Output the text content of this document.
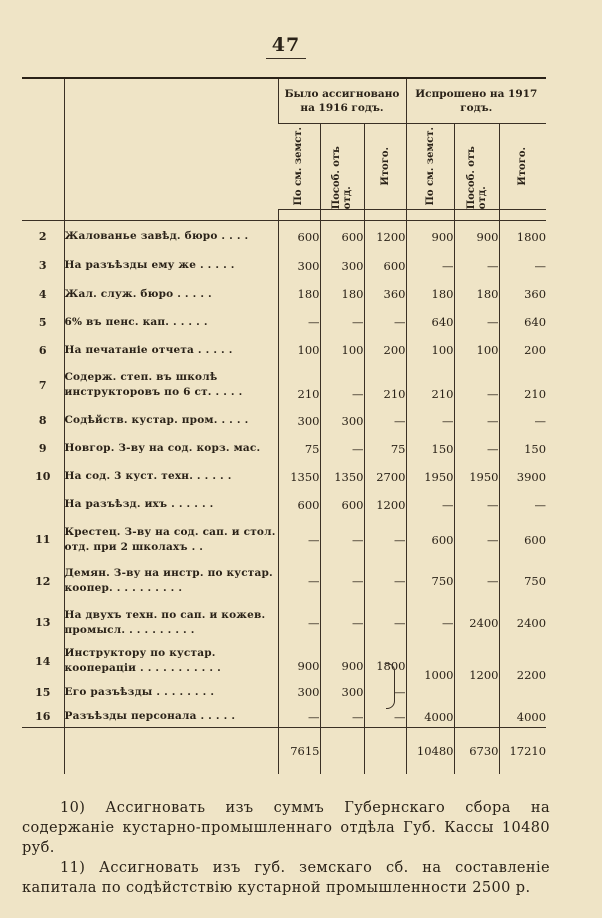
47
		Было ассигновано на 1916 годъ.			Испрошено на 1917 годъ.		

		По см. земст.	Пособ. отъ отд.	Итого.	По см. земст.	Пособ. отъ отд.	Итого.

2	Жалованье завѣд. бюро . . . .	600	600	1200	900	900	1800
3	На разъѣзды ему же . . . . .	300	300	600	—	—	—
4	Жал. служ. бюро . . . . .	180	180	360	180	180	360
5	6% въ пенс. кап. . . . . .	—	—	—	640	—	640
6	На печатаніе отчета . . . . .	100	100	200	100	100	200
7	Содерж. степ. въ школѣ инструкторовъ по 6 ст. . . . .	210	—	210	210	—	210
8	Содѣйств. кустар. пром. . . . .	300	300	—	—	—	—
9	Новгор. З-ву на сод. корз. мас.	75	—	75	150	—	150
10	На сод. 3 куст. техн. . . . . .	1350	1350	2700	1950	1950	3900
	На разъѣзд. ихъ . . . . . .	600	600	1200	—	—	—
11	Крестец. З-ву на сод. сап. и стол. отд. при 2 школахъ . .	—	—	—	600	—	600
12	Демян. З-ву на инстр. по кустар. коопер. . . . . . . . . .	—	—	—	750	—	750
13	На двухъ техн. по сап. и кожев. промысл. . . . . . . . . .	—	—	—	—	2400	2400
14	Инструктору по кустар. кооперацiи . . . . . . . . . . .	900	900	1800	1000	1200	2200
15	Его разъѣзды . . . . . . . .	300	300	—			
16	Разъѣзды персонала . . . . .	—	—	—	4000		4000
		7615			10480	6730	17210

10) Ассигновать изъ суммъ Губернскаго сбора на содержаніе кустарно-промышленнаго отдѣла Губ. Кассы 10480 руб.

11) Ассигновать изъ губ. земскаго сб. на составленіе капитала по содѣйстствію кустарной промышленности 2500 р.
